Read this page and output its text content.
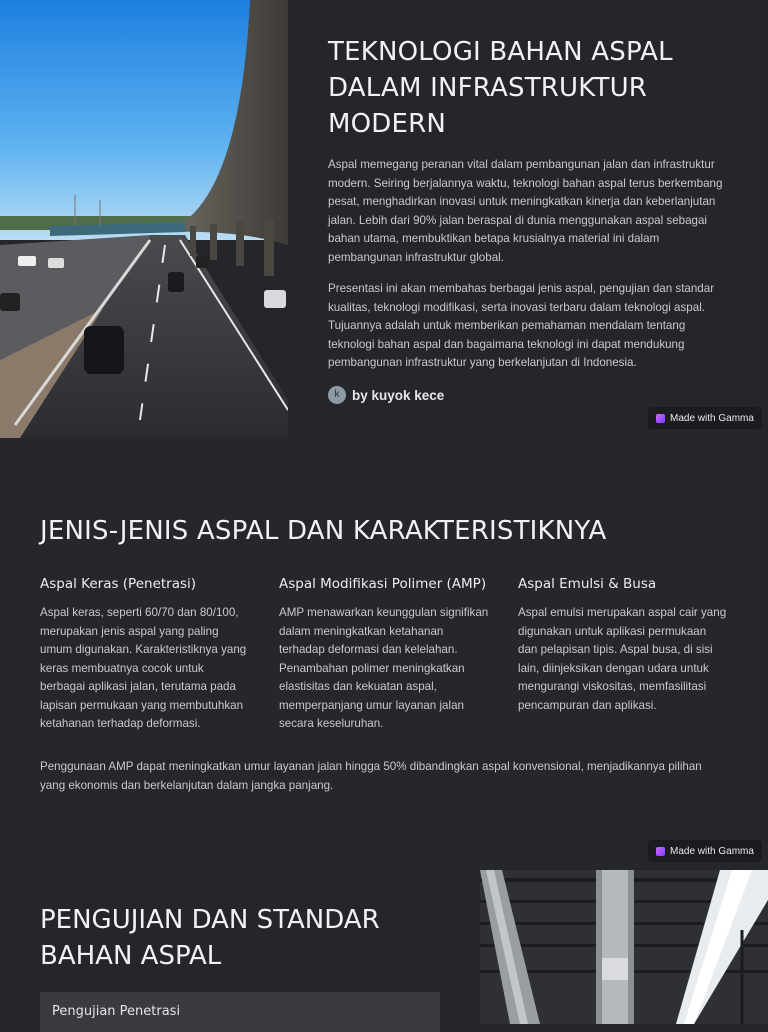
TEKNOLOGI BAHAN ASPAL DALAM INFRASTRUKTUR MODERN

Aspal memegang peranan vital dalam pembangunan jalan dan infrastruktur modern. Seiring berjalannya waktu, teknologi bahan aspal terus berkembang pesat, menghadirkan inovasi untuk meningkatkan kinerja dan keberlanjutan jalan. Lebih dari 90% jalan beraspal di dunia menggunakan aspal sebagai bahan utama, membuktikan betapa krusialnya material ini dalam pembangunan infrastruktur global.

Presentasi ini akan membahas berbagai jenis aspal, pengujian dan standar kualitas, teknologi modifikasi, serta inovasi terbaru dalam teknologi aspal. Tujuannya adalah untuk memberikan pemahaman mendalam tentang teknologi bahan aspal dan bagaimana teknologi ini dapat mendukung pembangunan infrastruktur yang berkelanjutan di Indonesia.

k by kuyok kece
Made with Gamma
JENIS-JENIS ASPAL DAN KARAKTERISTIKNYA
Aspal Keras (Penetrasi)

Aspal keras, seperti 60/70 dan 80/100, merupakan jenis aspal yang paling umum digunakan. Karakteristiknya yang keras membuatnya cocok untuk berbagai aplikasi jalan, terutama pada lapisan permukaan yang membutuhkan ketahanan terhadap deformasi.

Aspal Modifikasi Polimer (AMP)

AMP menawarkan keunggulan signifikan dalam meningkatkan ketahanan terhadap deformasi dan kelelahan. Penambahan polimer meningkatkan elastisitas dan kekuatan aspal, memperpanjang umur layanan jalan secara keseluruhan.

Aspal Emulsi & Busa

Aspal emulsi merupakan aspal cair yang digunakan untuk aplikasi permukaan dan pelapisan tipis. Aspal busa, di sisi lain, diinjeksikan dengan udara untuk mengurangi viskositas, memfasilitasi pencampuran dan aplikasi.

Penggunaan AMP dapat meningkatkan umur layanan jalan hingga 50% dibandingkan aspal konvensional, menjadikannya pilihan yang ekonomis dan berkelanjutan dalam jangka panjang.

Made with Gamma
PENGUJIAN DAN STANDAR BAHAN ASPAL
Pengujian Penetrasi
